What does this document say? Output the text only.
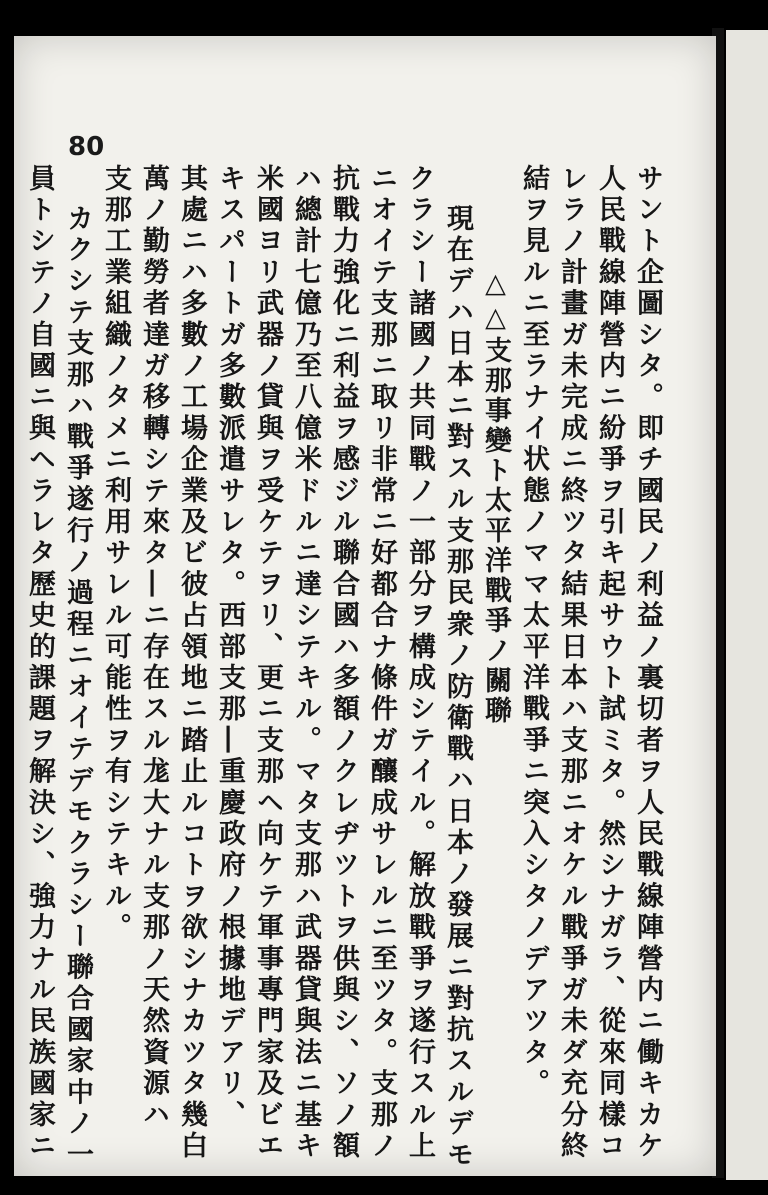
80
サント企圖シタ。即チ國民ノ利益ノ裏切者ヲ人民戰線陣營内ニ働キカケ
人民戰線陣營内ニ紛爭ヲ引キ起サウト試ミタ。然シナガラ、從來同樣コ
レラノ計畫ガ未完成ニ終ツタ結果日本ハ支那ニオケル戰爭ガ未ダ充分終
結ヲ見ルニ至ラナイ状態ノママ太平洋戰爭ニ突入シタノデアツタ。
△△支那事變ト太平洋戰爭ノ關聯
現在デハ日本ニ對スル支那民衆ノ防衛戰ハ日本ノ發展ニ對抗スルデモ
クラシー諸國ノ共同戰ノ一部分ヲ構成シテイル。解放戰爭ヲ遂行スル上
ニオイテ支那ニ取リ非常ニ好都合ナ條件ガ釀成サレルニ至ツタ。支那ノ
抗戰力強化ニ利益ヲ感ジル聯合國ハ多額ノクレヂツトヲ供與シ、ソノ額
ハ總計七億乃至八億米ドルニ達シテキル。マタ支那ハ武器貸與法ニ基キ
米國ヨリ武器ノ貸與ヲ受ケテヲリ、更ニ支那ヘ向ケテ軍事專門家及ビエ
キスパートガ多數派遣サレタ。西部支那―重慶政府ノ根據地デアリ、
其處ニハ多數ノ工場企業及ビ彼占領地ニ踏止ルコトヲ欲シナカツタ幾白
萬ノ勤勞者達ガ移轉シテ來タ―ニ存在スル尨大ナル支那ノ天然資源ハ
支那工業組織ノタメニ利用サレル可能性ヲ有シテキル。
カクシテ支那ハ戰爭遂行ノ過程ニオイテデモクラシー聯合國家中ノ一
員トシテノ自國ニ與ヘラレタ歷史的課題ヲ解決シ、強力ナル民族國家ニ
